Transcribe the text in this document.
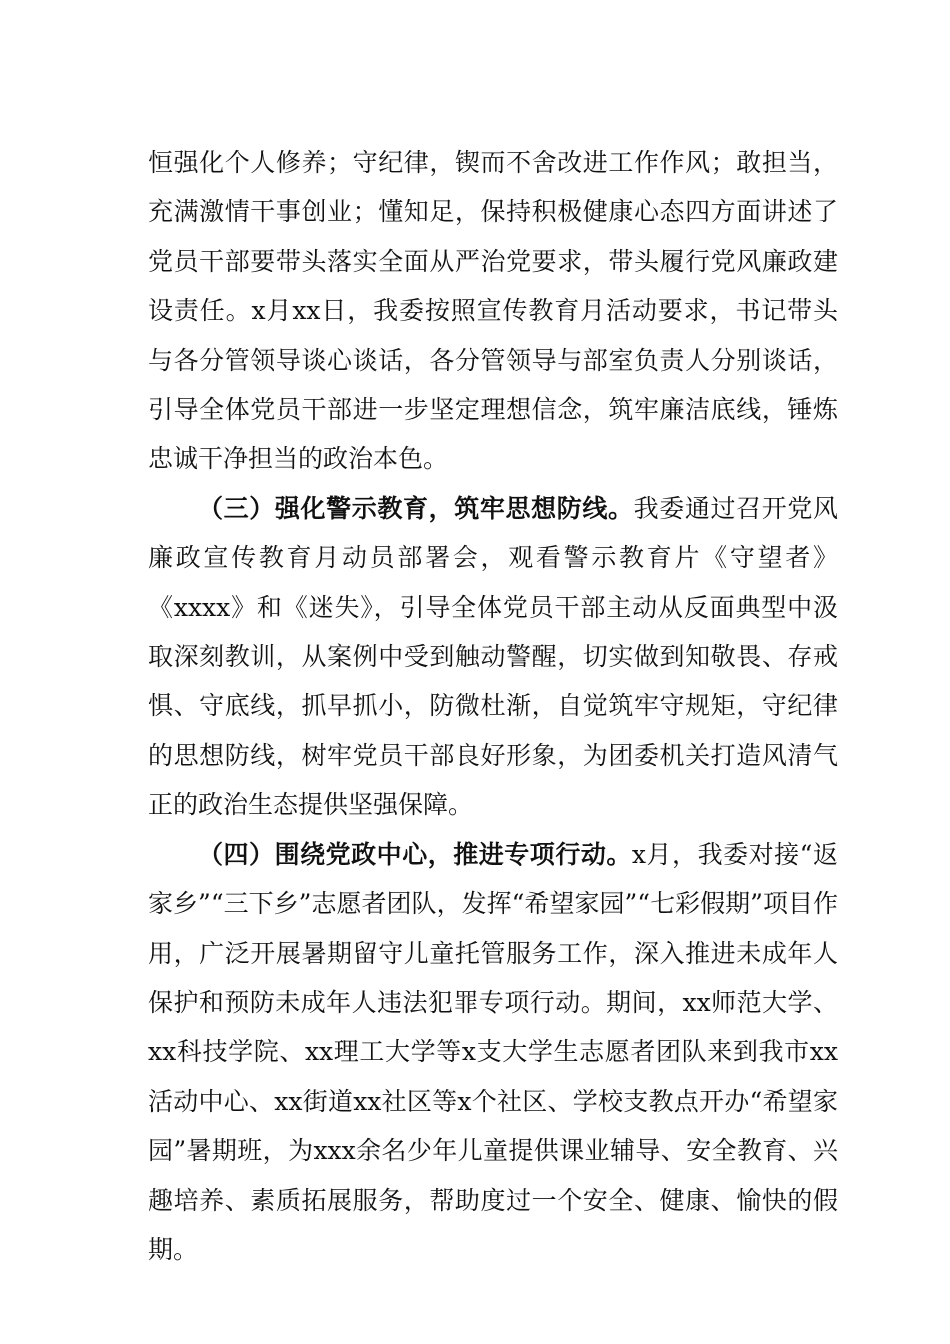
恒强化个人修养；守纪律，锲而不舍改进工作作风；敢担当，充满激情干事创业；懂知足，保持积极健康心态四方面讲述了党员干部要带头落实全面从严治党要求，带头履行党风廉政建设责任。x月xx日，我委按照宣传教育月活动要求，书记带头与各分管领导谈心谈话，各分管领导与部室负责人分别谈话，引导全体党员干部进一步坚定理想信念，筑牢廉洁底线，锤炼忠诚干净担当的政治本色。

（三）强化警示教育，筑牢思想防线。我委通过召开党风廉政宣传教育月动员部署会，观看警示教育片《守望者》《xxxx》和《迷失》，引导全体党员干部主动从反面典型中汲取深刻教训，从案例中受到触动警醒，切实做到知敬畏、存戒惧、守底线，抓早抓小，防微杜渐，自觉筑牢守规矩，守纪律的思想防线，树牢党员干部良好形象，为团委机关打造风清气正的政治生态提供坚强保障。

（四）围绕党政中心，推进专项行动。x月，我委对接“返家乡”“三下乡”志愿者团队，发挥“希望家园”“七彩假期”项目作用，广泛开展暑期留守儿童托管服务工作，深入推进未成年人保护和预防未成年人违法犯罪专项行动。期间，xx师范大学、xx科技学院、xx理工大学等x支大学生志愿者团队来到我市xx活动中心、xx街道xx社区等x个社区、学校支教点开办“希望家园”暑期班，为xxx余名少年儿童提供课业辅导、安全教育、兴趣培养、素质拓展服务，帮助度过一个安全、健康、愉快的假期。
